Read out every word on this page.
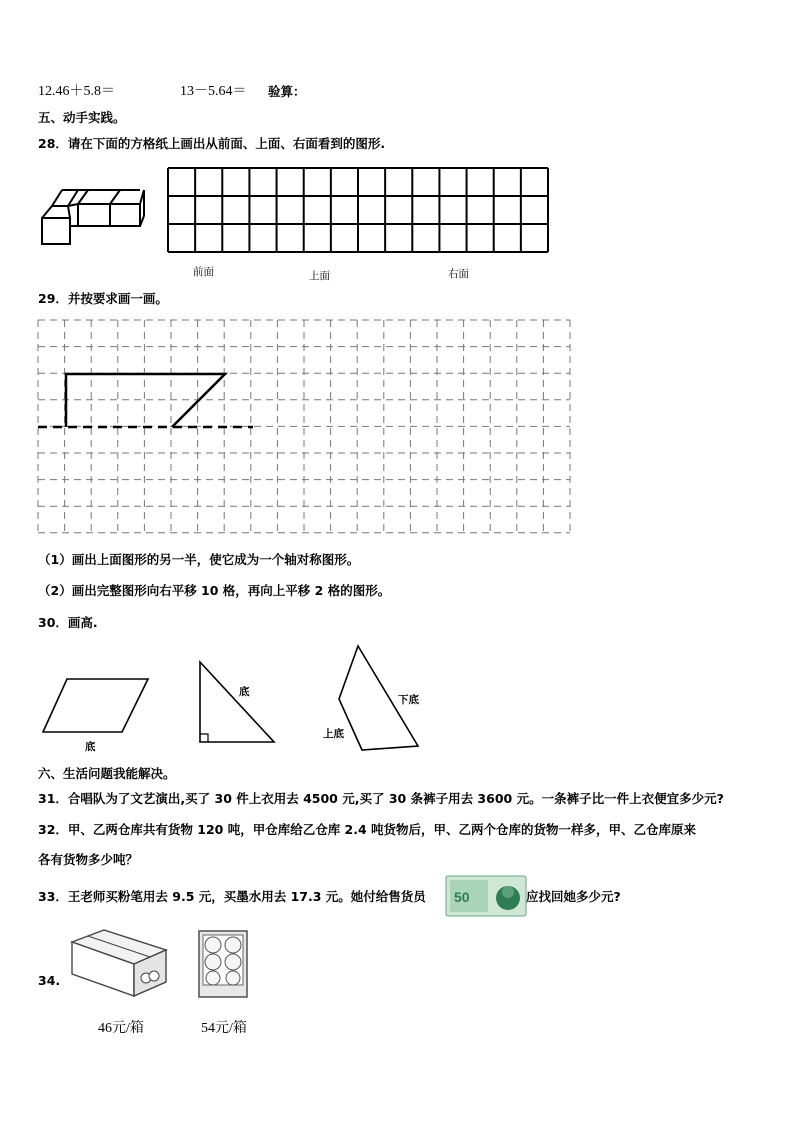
12.46＋5.8＝	13－5.64＝ 验算：
五、动手实践。
28．请在下面的方格纸上画出从前面、上面、右面看到的图形.
前面	上面	右面
29．并按要求画一画。
（1）画出上面图形的另一半，使它成为一个轴对称图形。
（2）画出完整图形向右平移 10 格，再向上平移 2 格的图形。
30．画高.
底
底
下底
上底
六、生活问题我能解决。
31．合唱队为了文艺演出,买了 30 件上衣用去 4500 元,买了 30 条裤子用去 3600 元。一条裤子比一件上衣便宜多少元?
32．甲、乙两仓库共有货物 120 吨，甲仓库给乙仓库 2.4 吨货物后，甲、乙两个仓库的货物一样多，甲、乙仓库原来
各有货物多少吨？
33．王老师买粉笔用去 9.5 元，买墨水用去 17.3 元。她付给售货员 50	应找回她多少元?
34.
46元/箱	54元/箱
